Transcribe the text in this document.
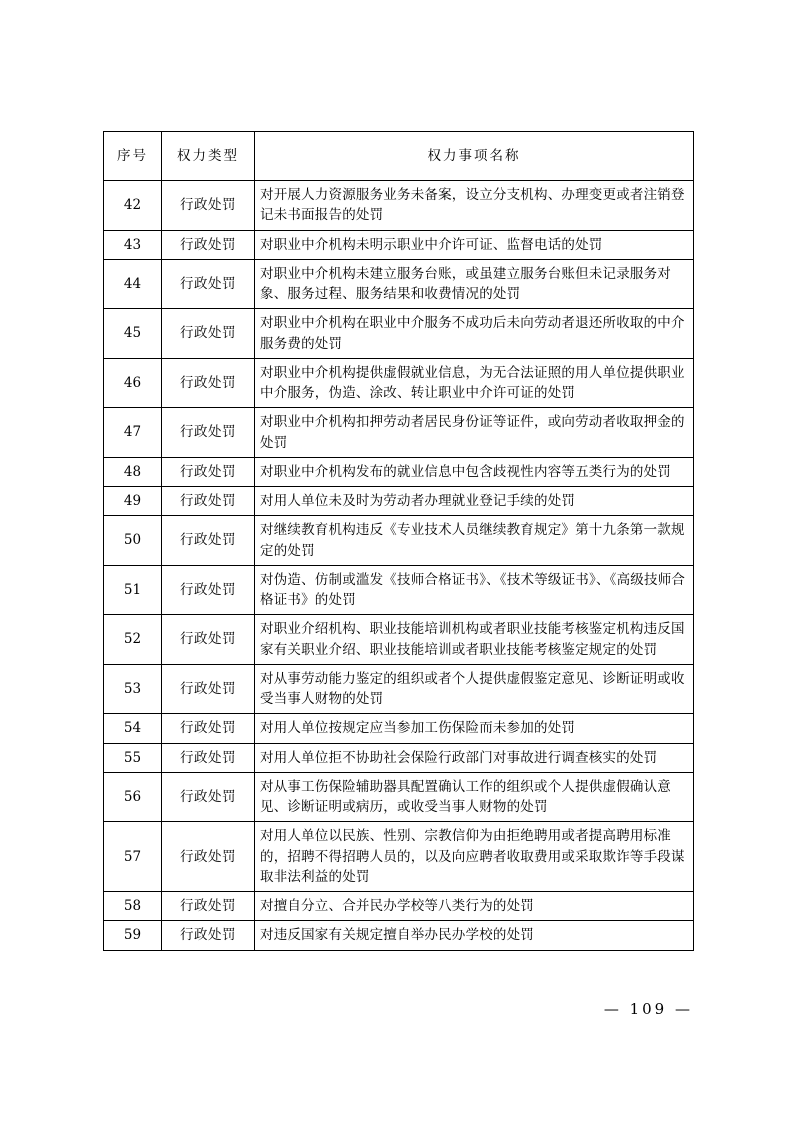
序号	权力类型	权力事项名称
42	行政处罚	对开展人力资源服务业务未备案，设立分支机构、办理变更或者注销登记未书面报告的处罚
43	行政处罚	对职业中介机构未明示职业中介许可证、监督电话的处罚
44	行政处罚	对职业中介机构未建立服务台账，或虽建立服务台账但未记录服务对象、服务过程、服务结果和收费情况的处罚
45	行政处罚	对职业中介机构在职业中介服务不成功后未向劳动者退还所收取的中介服务费的处罚
46	行政处罚	对职业中介机构提供虚假就业信息，为无合法证照的用人单位提供职业中介服务，伪造、涂改、转让职业中介许可证的处罚
47	行政处罚	对职业中介机构扣押劳动者居民身份证等证件，或向劳动者收取押金的处罚
48	行政处罚	对职业中介机构发布的就业信息中包含歧视性内容等五类行为的处罚
49	行政处罚	对用人单位未及时为劳动者办理就业登记手续的处罚
50	行政处罚	对继续教育机构违反《专业技术人员继续教育规定》第十九条第一款规定的处罚
51	行政处罚	对伪造、仿制或滥发《技师合格证书》、《技术等级证书》、《高级技师合格证书》的处罚
52	行政处罚	对职业介绍机构、职业技能培训机构或者职业技能考核鉴定机构违反国家有关职业介绍、职业技能培训或者职业技能考核鉴定规定的处罚
53	行政处罚	对从事劳动能力鉴定的组织或者个人提供虚假鉴定意见、诊断证明或收受当事人财物的处罚
54	行政处罚	对用人单位按规定应当参加工伤保险而未参加的处罚
55	行政处罚	对用人单位拒不协助社会保险行政部门对事故进行调查核实的处罚
56	行政处罚	对从事工伤保险辅助器具配置确认工作的组织或个人提供虚假确认意见、诊断证明或病历，或收受当事人财物的处罚
57	行政处罚	对用人单位以民族、性别、宗教信仰为由拒绝聘用或者提高聘用标准的，招聘不得招聘人员的，以及向应聘者收取费用或采取欺诈等手段谋取非法利益的处罚
58	行政处罚	对擅自分立、合并民办学校等八类行为的处罚
59	行政处罚	对违反国家有关规定擅自举办民办学校的处罚
— 109 —
